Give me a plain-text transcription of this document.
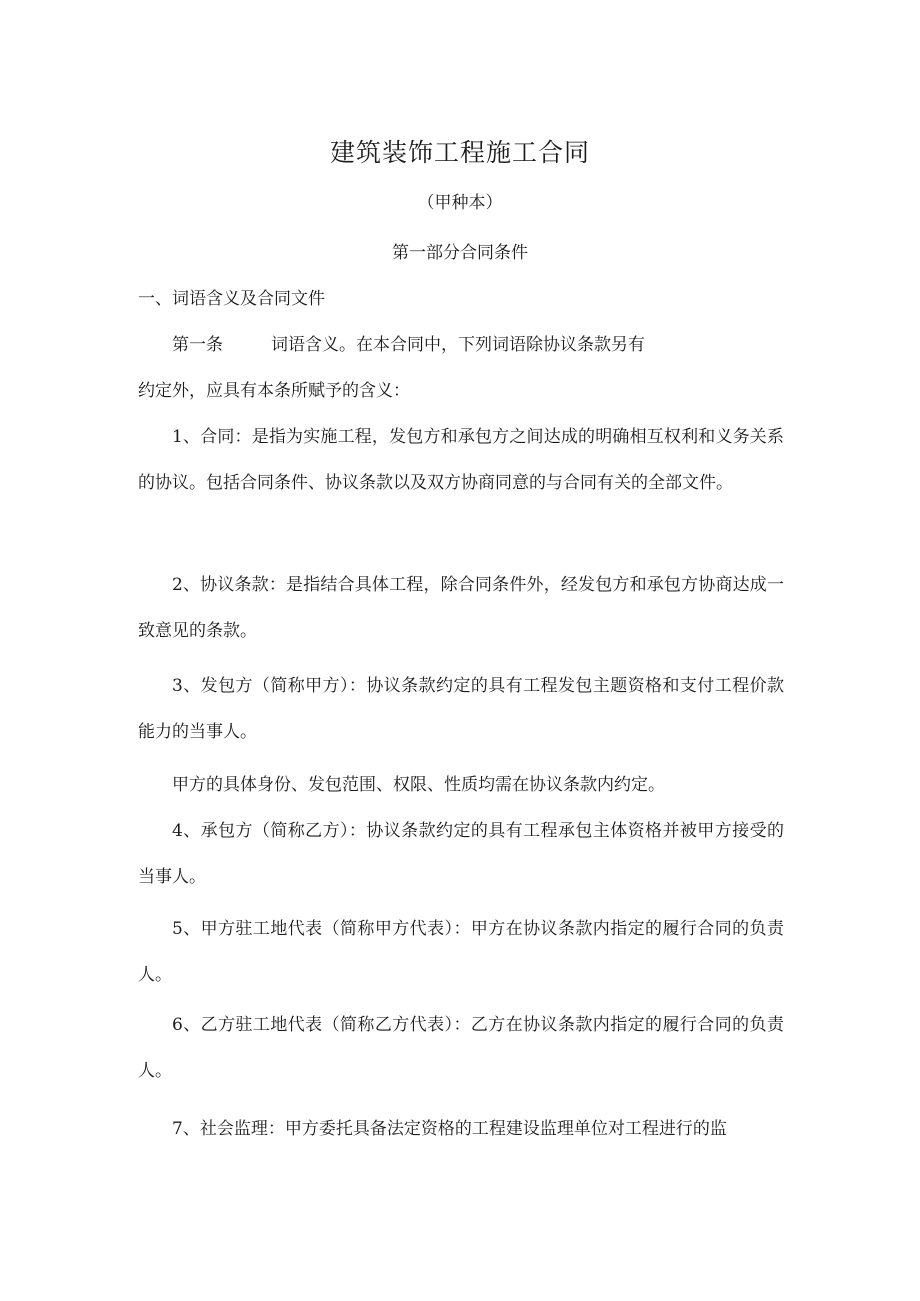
建筑装饰工程施工合同
（甲种本）
第一部分合同条件
一、词语含义及合同文件

第一条	词语含义。在本合同中，下列词语除协议条款另有

约定外，应具有本条所赋予的含义：

1、合同：是指为实施工程，发包方和承包方之间达成的明确相互权利和义务关系的协议。包括合同条件、协议条款以及双方协商同意的与合同有关的全部文件。

2、协议条款：是指结合具体工程，除合同条件外，经发包方和承包方协商达成一致意见的条款。

3、发包方（简称甲方）：协议条款约定的具有工程发包主题资格和支付工程价款能力的当事人。

甲方的具体身份、发包范围、权限、性质均需在协议条款内约定。

4、承包方（简称乙方）：协议条款约定的具有工程承包主体资格并被甲方接受的当事人。

5、甲方驻工地代表（简称甲方代表）：甲方在协议条款内指定的履行合同的负责人。

6、乙方驻工地代表（简称乙方代表）：乙方在协议条款内指定的履行合同的负责人。

7、社会监理：甲方委托具备法定资格的工程建设监理单位对工程进行的监
